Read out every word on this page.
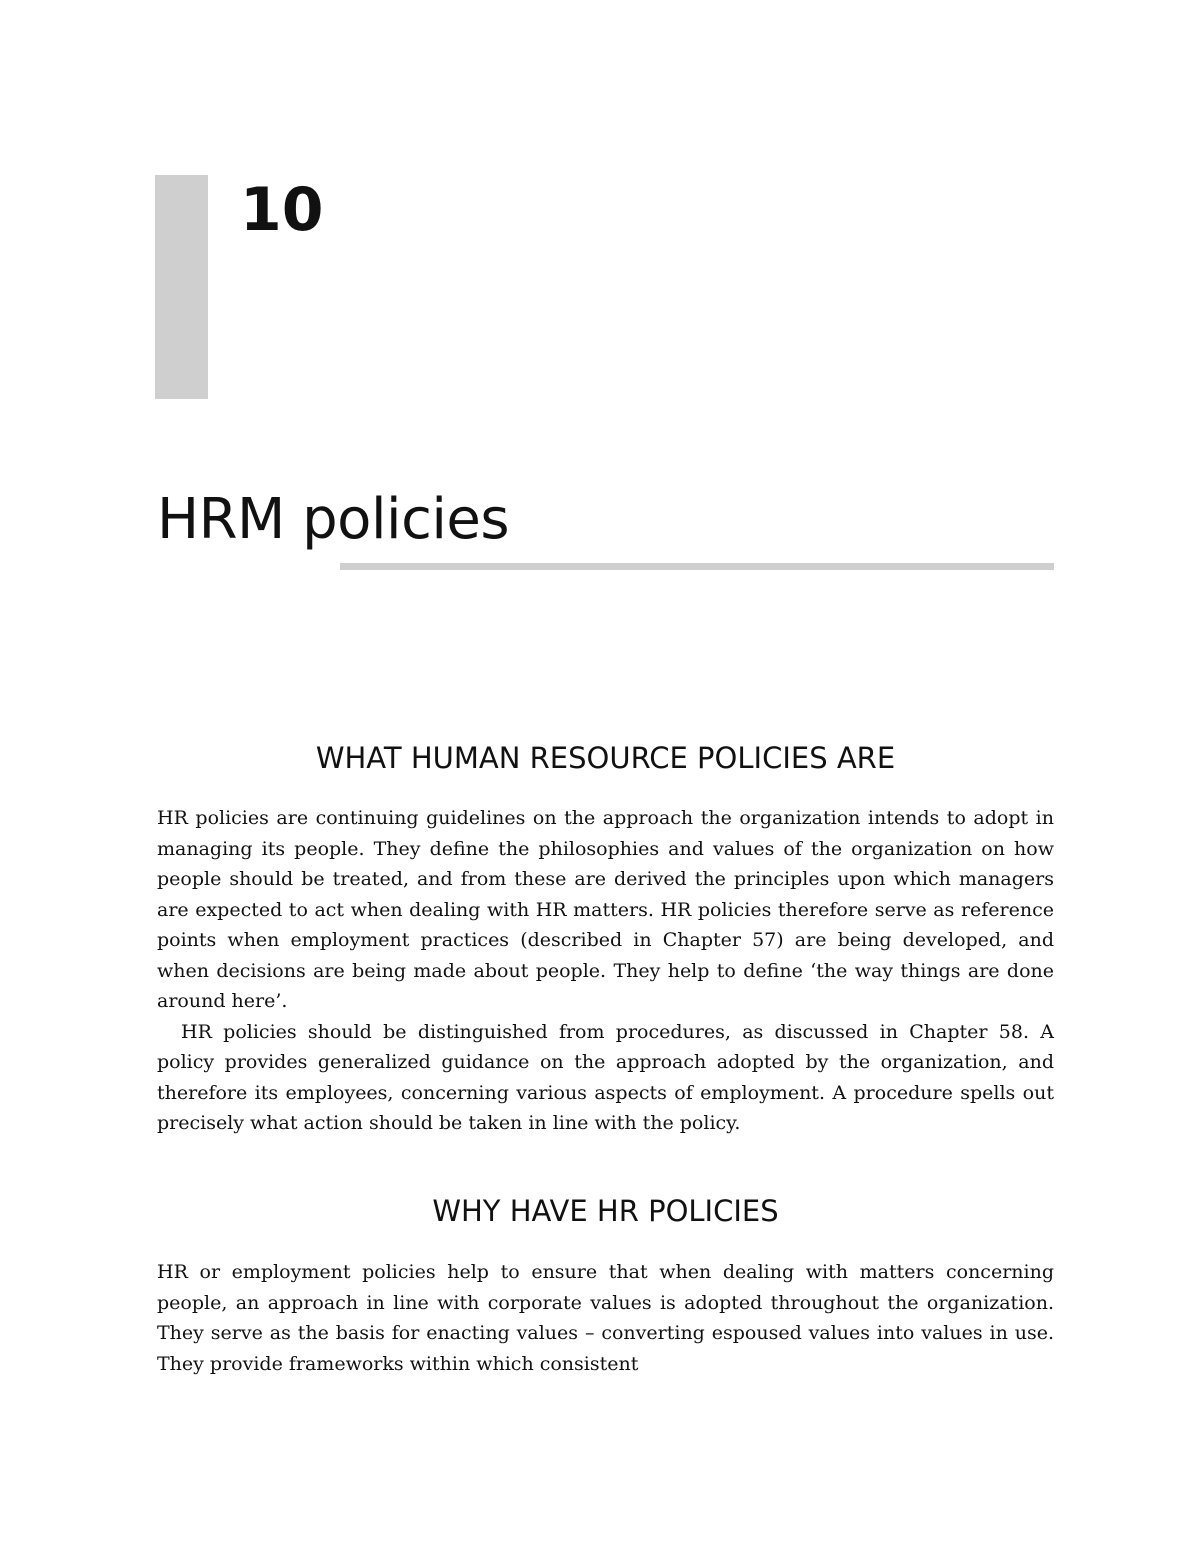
10
HRM policies
WHAT HUMAN RESOURCE POLICIES ARE

HR policies are continuing guidelines on the approach the organization intends to adopt in managing its people. They define the philosophies and values of the organization on how people should be treated, and from these are derived the principles upon which managers are expected to act when dealing with HR matters. HR policies therefore serve as reference points when employment practices (described in Chapter 57) are being developed, and when decisions are being made about people. They help to define ‘the way things are done around here’.

HR policies should be distinguished from procedures, as discussed in Chapter 58. A policy provides generalized guidance on the approach adopted by the organization, and therefore its employees, concerning various aspects of employment. A procedure spells out precisely what action should be taken in line with the policy.

WHY HAVE HR POLICIES

HR or employment policies help to ensure that when dealing with matters concerning people, an approach in line with corporate values is adopted throughout the organization. They serve as the basis for enacting values – converting espoused values into values in use. They provide frameworks within which consistent
